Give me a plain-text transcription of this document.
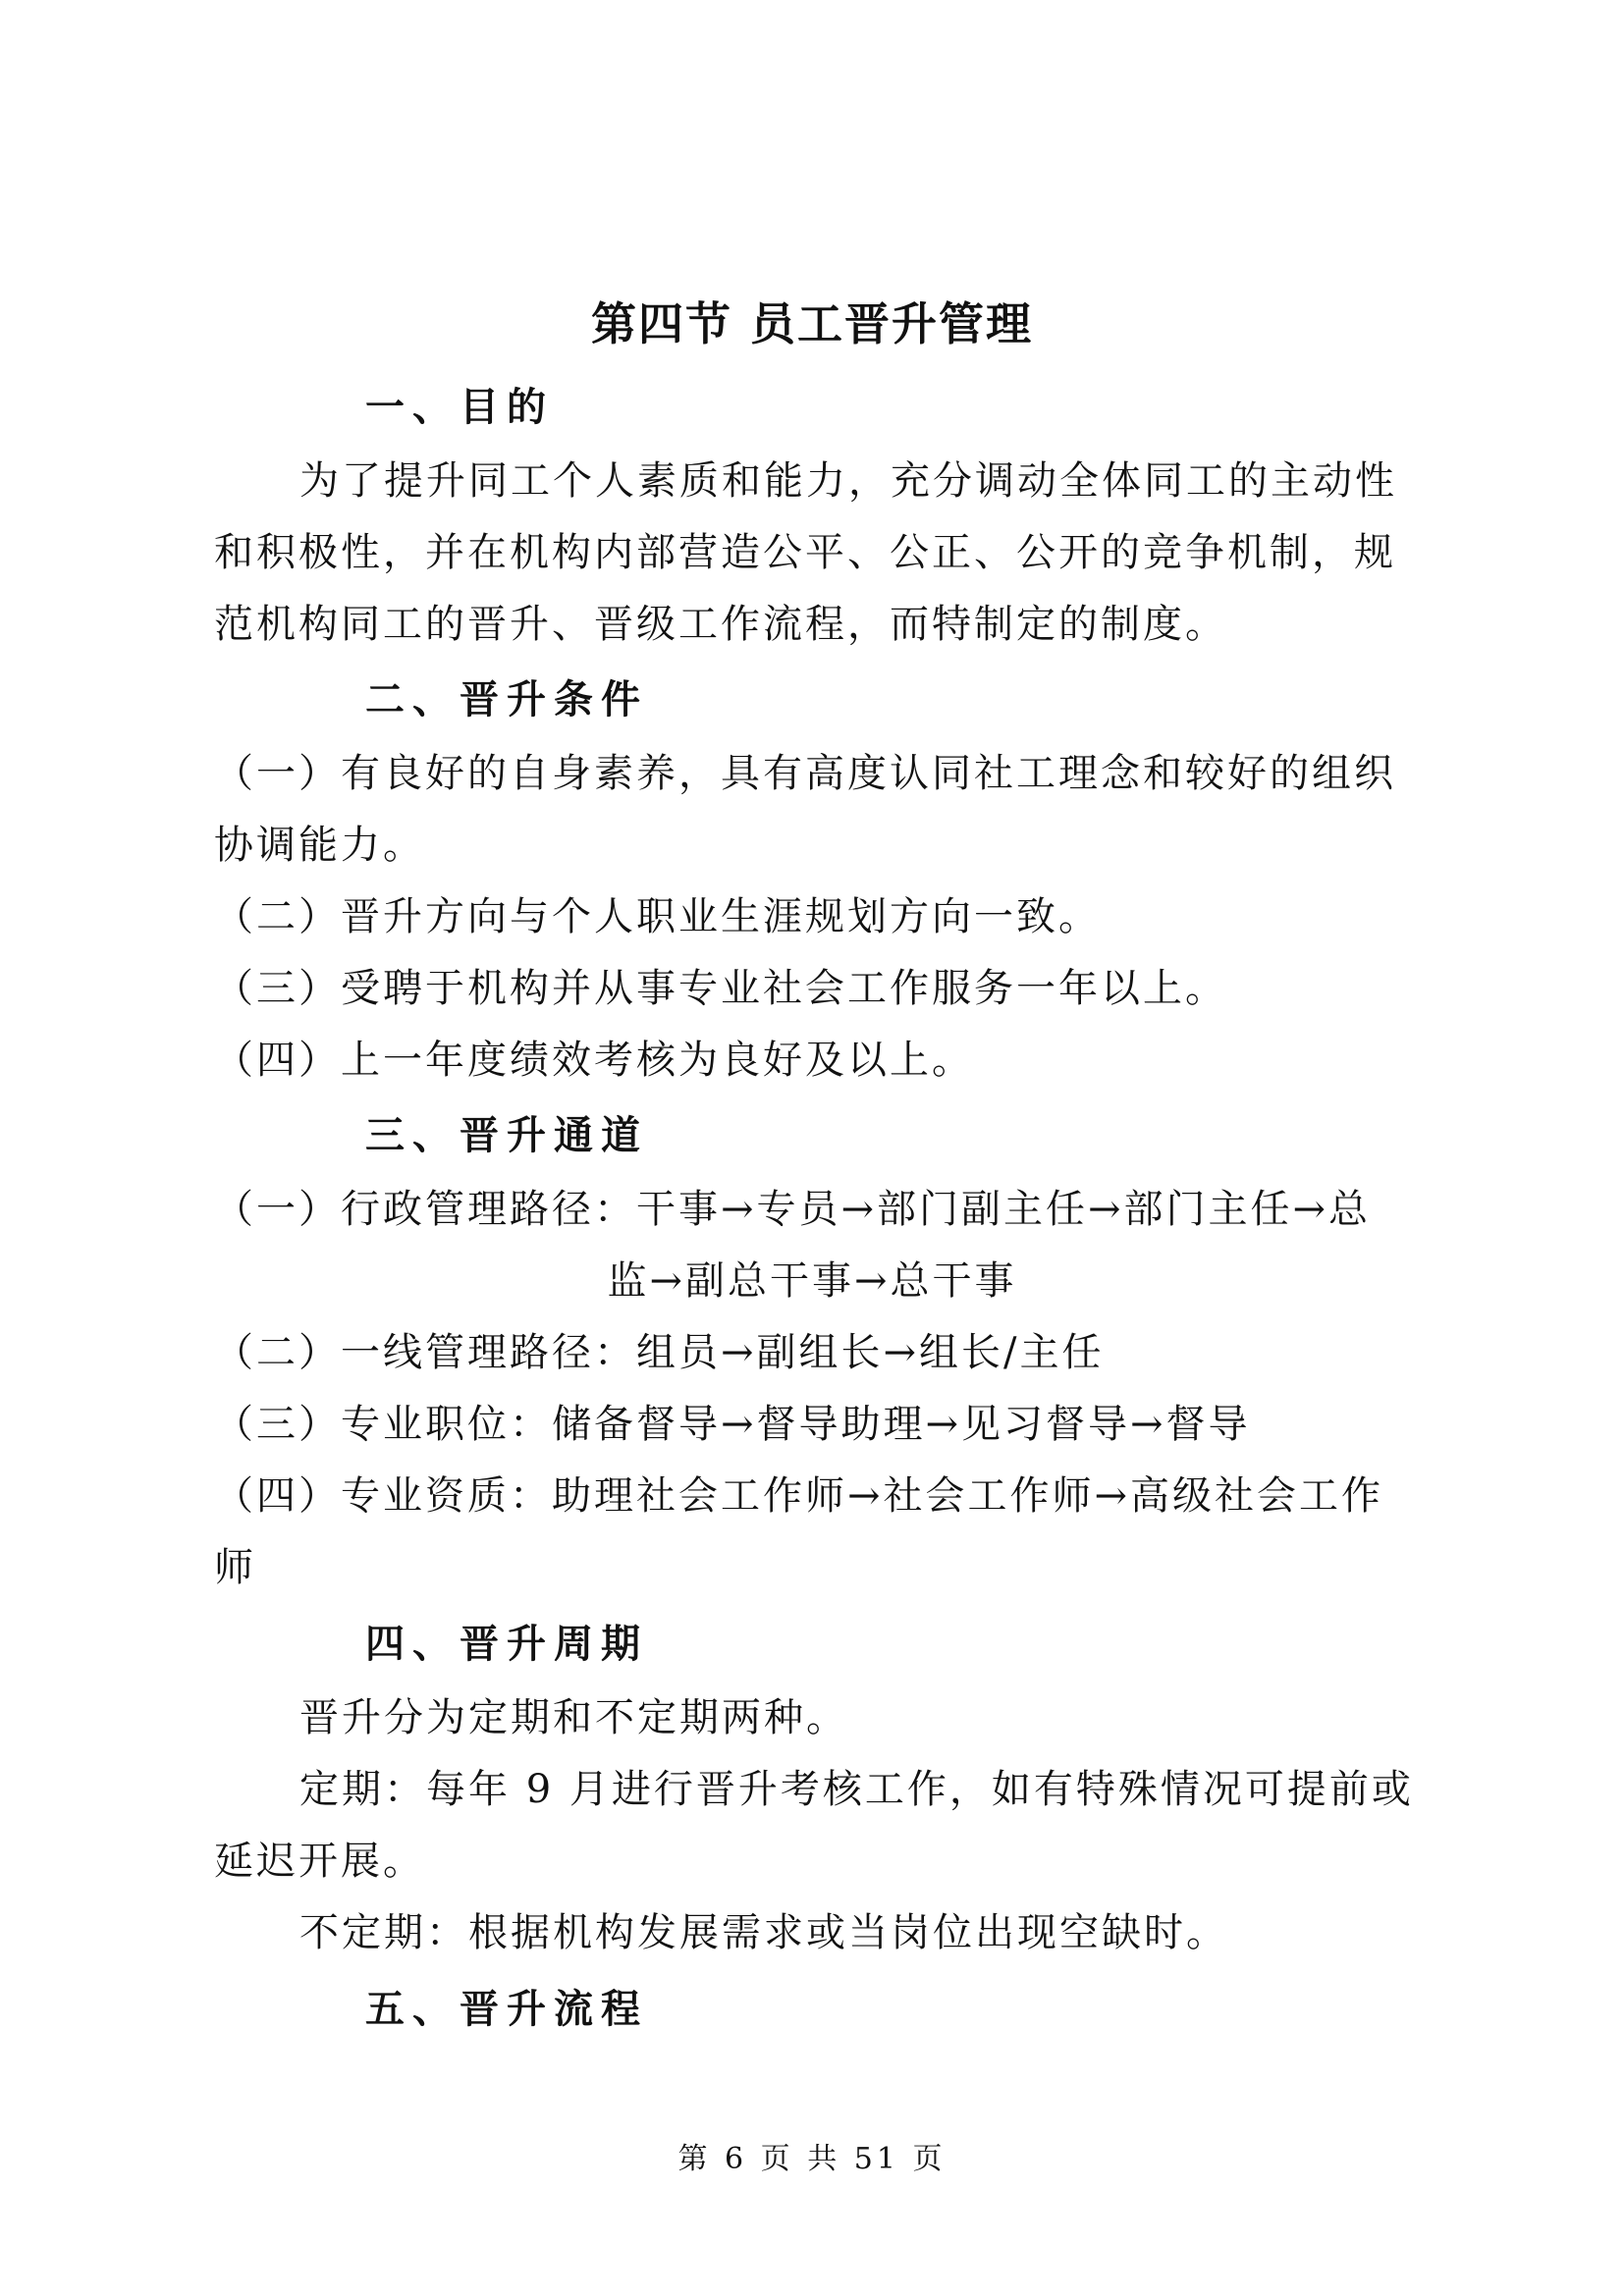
第四节 员工晋升管理
一、目的
为了提升同工个人素质和能力，充分调动全体同工的主动性
和积极性，并在机构内部营造公平、公正、公开的竞争机制，规
范机构同工的晋升、晋级工作流程，而特制定的制度。
二、晋升条件
（一）有良好的自身素养，具有高度认同社工理念和较好的组织
协调能力。
（二）晋升方向与个人职业生涯规划方向一致。
（三）受聘于机构并从事专业社会工作服务一年以上。
（四）上一年度绩效考核为良好及以上。
三、晋升通道
（一）行政管理路径：干事→专员→部门副主任→部门主任→总
监→副总干事→总干事
（二）一线管理路径：组员→副组长→组长/主任
（三）专业职位：储备督导→督导助理→见习督导→督导
（四）专业资质：助理社会工作师→社会工作师→高级社会工作
师
四、晋升周期
晋升分为定期和不定期两种。
定期：每年 9 月进行晋升考核工作，如有特殊情况可提前或
延迟开展。
不定期：根据机构发展需求或当岗位出现空缺时。
五、晋升流程
第 6 页 共 51 页
